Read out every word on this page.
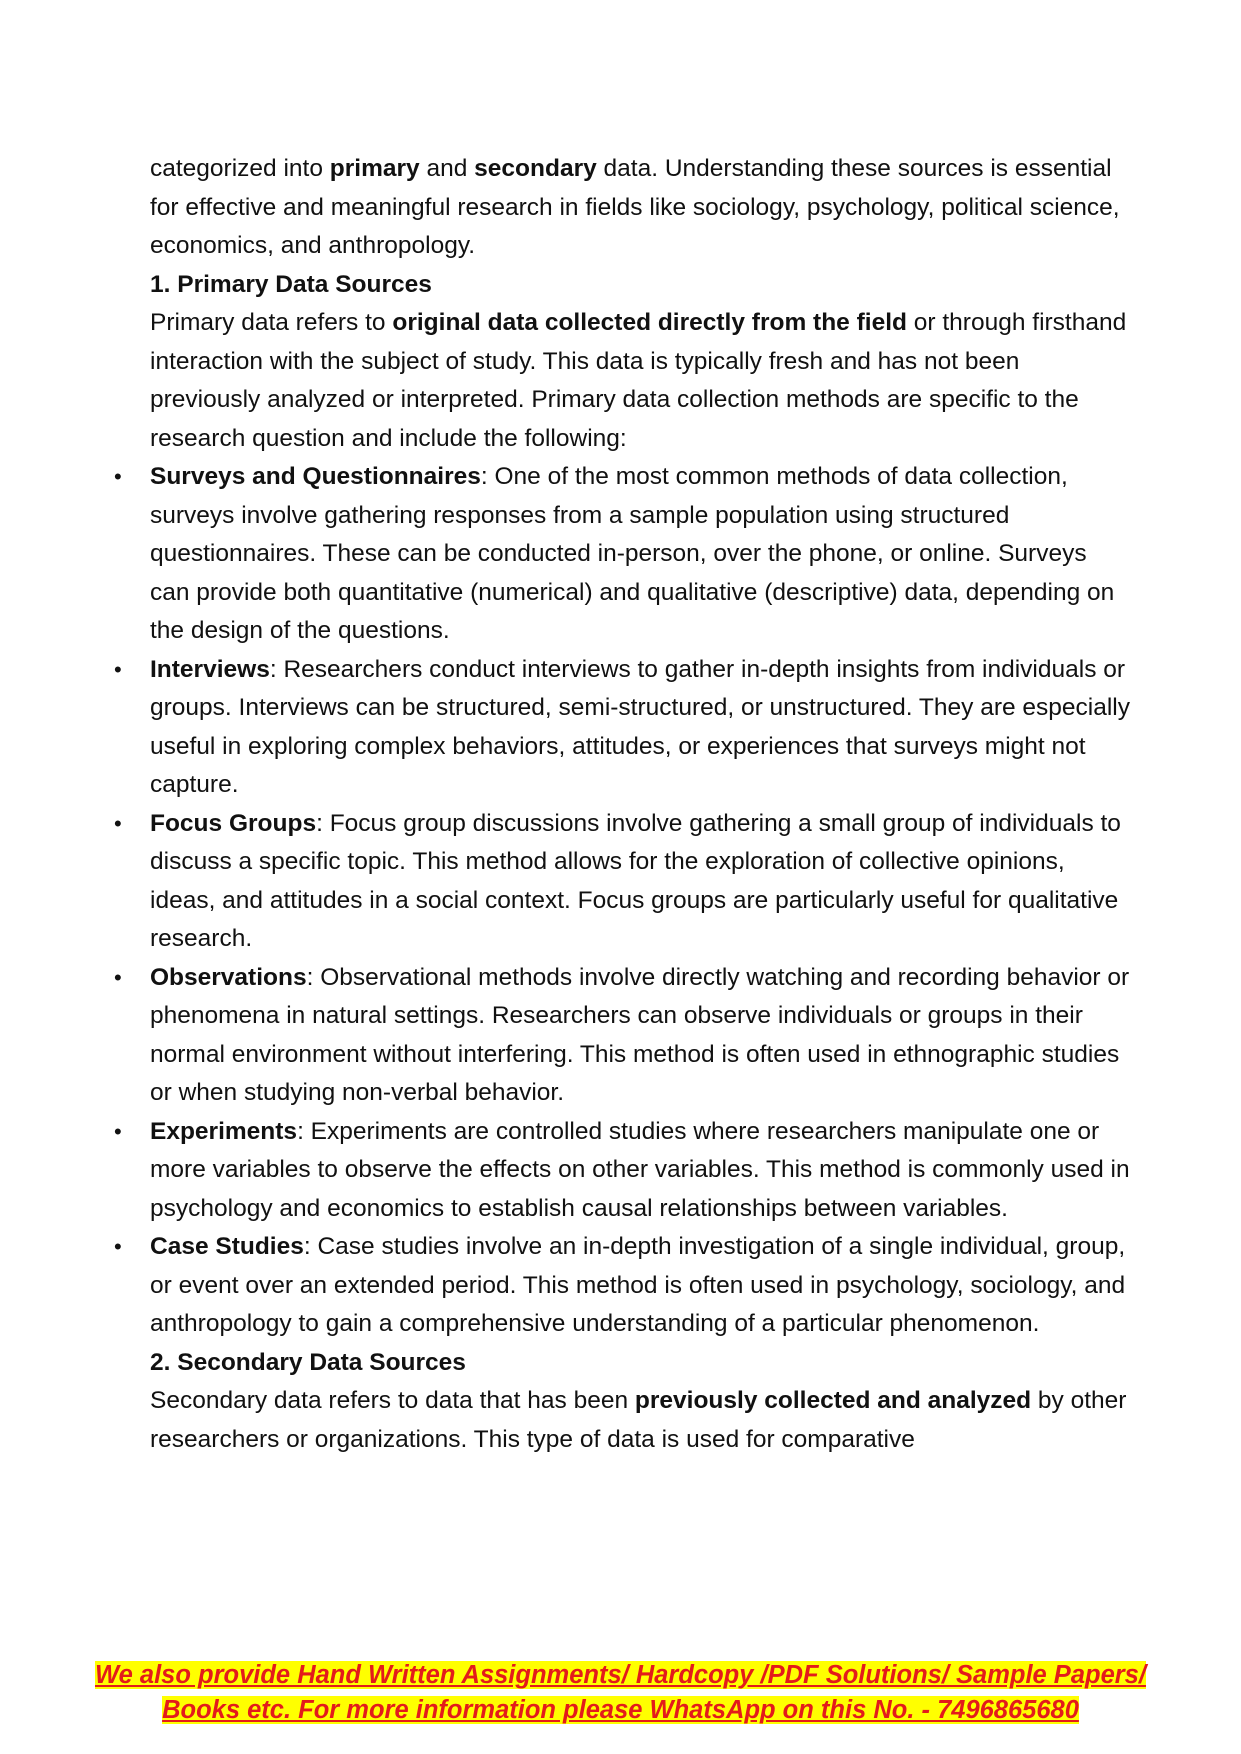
categorized into primary and secondary data. Understanding these sources is essential for effective and meaningful research in fields like sociology, psychology, political science, economics, and anthropology.

1. Primary Data Sources

Primary data refers to original data collected directly from the field or through firsthand interaction with the subject of study. This data is typically fresh and has not been previously analyzed or interpreted. Primary data collection methods are specific to the research question and include the following:

• Surveys and Questionnaires: One of the most common methods of data collection, surveys involve gathering responses from a sample population using structured questionnaires. These can be conducted in-person, over the phone, or online. Surveys can provide both quantitative (numerical) and qualitative (descriptive) data, depending on the design of the questions.
• Interviews: Researchers conduct interviews to gather in-depth insights from individuals or groups. Interviews can be structured, semi-structured, or unstructured. They are especially useful in exploring complex behaviors, attitudes, or experiences that surveys might not capture.
• Focus Groups: Focus group discussions involve gathering a small group of individuals to discuss a specific topic. This method allows for the exploration of collective opinions, ideas, and attitudes in a social context. Focus groups are particularly useful for qualitative research.
• Observations: Observational methods involve directly watching and recording behavior or phenomena in natural settings. Researchers can observe individuals or groups in their normal environment without interfering. This method is often used in ethnographic studies or when studying non-verbal behavior.
• Experiments: Experiments are controlled studies where researchers manipulate one or more variables to observe the effects on other variables. This method is commonly used in psychology and economics to establish causal relationships between variables.
• Case Studies: Case studies involve an in-depth investigation of a single individual, group, or event over an extended period. This method is often used in psychology, sociology, and anthropology to gain a comprehensive understanding of a particular phenomenon.

2. Secondary Data Sources

Secondary data refers to data that has been previously collected and analyzed by other researchers or organizations. This type of data is used for comparative

We also provide Hand Written Assignments/ Hardcopy /PDF Solutions/ Sample Papers/
Books etc. For more information please WhatsApp on this No. - 7496865680
